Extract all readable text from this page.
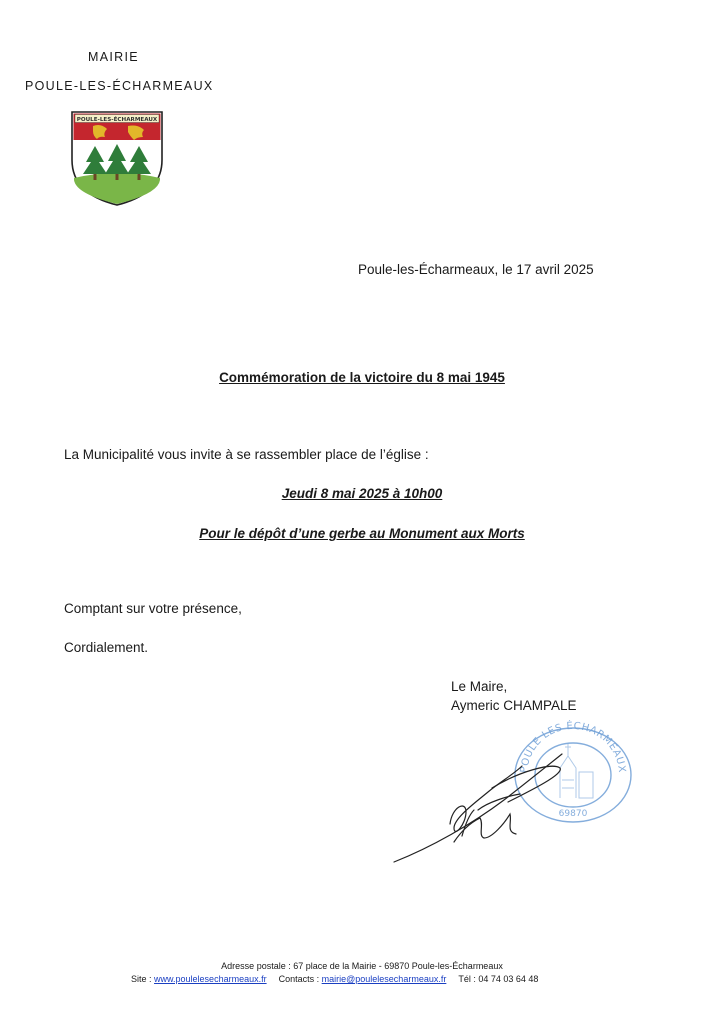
MAIRIE
POULE-LES-ÉCHARMEAUX
POULE-LES-ÉCHARMEAUX
Poule-les-Écharmeaux, le 17 avril 2025
Commémoration de la victoire du 8 mai 1945
La Municipalité vous invite à se rassembler place de l’église :
Jeudi 8 mai 2025 à 10h00
Pour le dépôt d’une gerbe au Monument aux Morts
Comptant sur votre présence,
Cordialement.
Le Maire,
Aymeric CHAMPALE
POULE LES ÉCHARMEAUX
69870
Adresse postale : 67 place de la Mairie - 69870 Poule-les-Écharmeaux
Site : www.poulelesecharmeaux.fr Contacts : mairie@poulelesecharmeaux.fr Tél : 04 74 03 64 48
